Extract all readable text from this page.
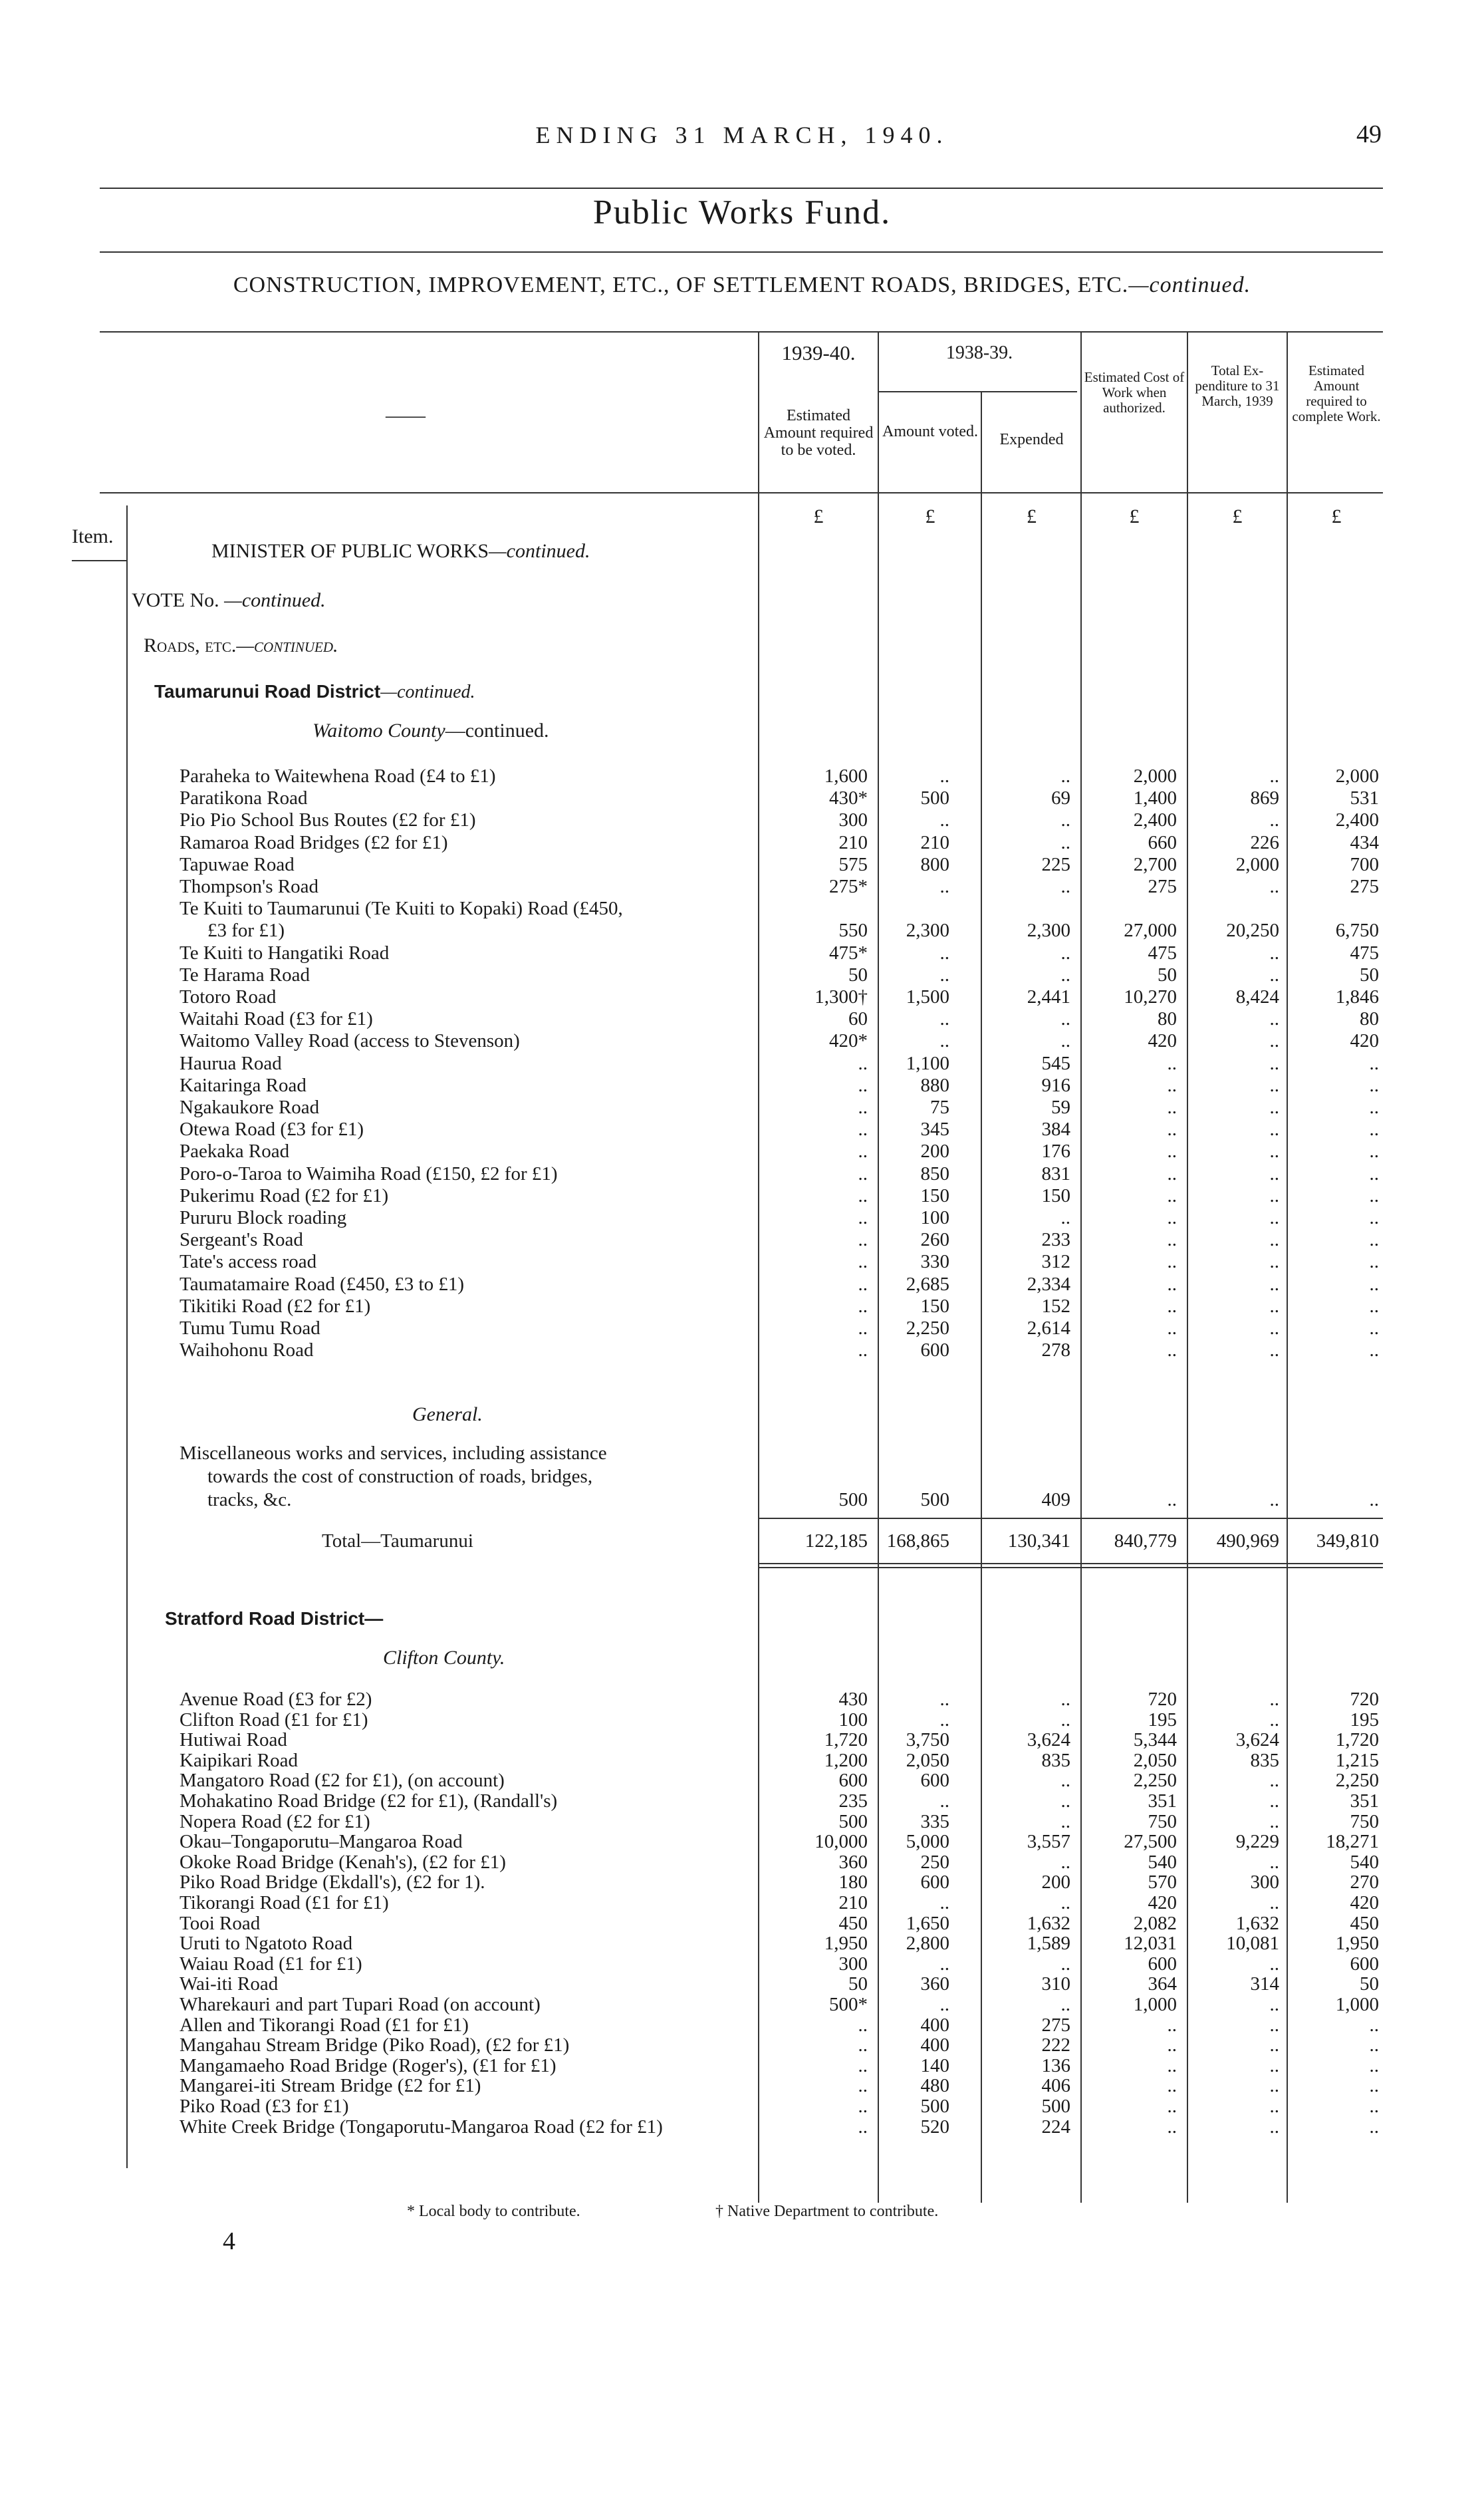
ENDING 31 MARCH, 1940.	49
Public Works Fund.
CONSTRUCTION, IMPROVEMENT, ETC., OF SETTLEMENT ROADS, BRIDGES, ETC.—continued.
——
1939-40.	1938-39.
Estimated Amount required to be voted.
Amount voted.	Expended
Estimated Cost of Work when authorized.
Total Ex-penditure to 31 March, 1939
Estimated Amount required to complete Work.
£	£	£	£	£	£
Item.
MINISTER OF PUBLIC WORKS—continued.
VOTE No. —continued.
Roads, etc.—continued.
Taumarunui Road District—continued.
Waitomo County—continued.
Paraheka to Waitewhena Road (£4 to £1)	1,600	..	..	2,000	..	2,000
Paratikona Road	430*	500	69	1,400	869	531
Pio Pio School Bus Routes (£2 for £1)	300	..	..	2,400	..	2,400
Ramaroa Road Bridges (£2 for £1)	210	210	..	660	226	434
Tapuwae Road	575	800	225	2,700	2,000	700
Thompson's Road	275*	..	..	275	..	275
Te Kuiti to Taumarunui (Te Kuiti to Kopaki) Road (£450,
£3 for £1)	550 2,300	2,300	27,000	20,250	6,750
Te Kuiti to Hangatiki Road	475*	..	..	475	..	475
Te Harama Road	50	..	..	50	..	50
Totoro Road	1,300† 1,500	2,441	10,270	8,424	1,846
Waitahi Road (£3 for £1)	60	..	..	80	..	80
Waitomo Valley Road (access to Stevenson)	420*	..	..	420	..	420
Haurua Road	.. 1,100	545	..	..	..
Kaitaringa Road	..	880	916	..	..	..
Ngakaukore Road	..	75	59	..	..	..
Otewa Road (£3 for £1)	..	345	384	..	..	..
Paekaka Road	..	200	176	..	..	..
Poro-o-Taroa to Waimiha Road (£150, £2 for £1)	..	850	831	..	..	..
Pukerimu Road (£2 for £1)	..	150	150	..	..	..
Pururu Block roading	..	100	..	..	..	..
Sergeant's Road	..	260	233	..	..	..
Tate's access road	..	330	312	..	..	..
Taumatamaire Road (£450, £3 to £1)	.. 2,685	2,334	..	..	..
Tikitiki Road (£2 for £1)	..	150	152	..	..	..
Tumu Tumu Road	.. 2,250	2,614	..	..	..
Waihohonu Road	..	600	278	..	..	..
General.
Miscellaneous works and services, including assistance
towards the cost of construction of roads, bridges,
tracks, &c.	500	500	409	..	..	..
Total—Taumarunui	122,185 168,865	130,341 840,779 490,969 349,810
Stratford Road District—
Clifton County.
Avenue Road (£3 for £2)	430	..	..	720	..	720
Clifton Road (£1 for £1)	100	..	..	195	..	195
Hutiwai Road	1,720 3,750	3,624	5,344	3,624	1,720
Kaipikari Road	1,200 2,050	835	2,050	835	1,215
Mangatoro Road (£2 for £1), (on account)	600	600	..	2,250	..	2,250
Mohakatino Road Bridge (£2 for £1), (Randall's)	235	..	..	351	..	351
Nopera Road (£2 for £1)	500	335	..	750	..	750
Okau–Tongaporutu–Mangaroa Road	10,000 5,000	3,557	27,500	9,229 18,271
Okoke Road Bridge (Kenah's), (£2 for £1)	360	250	..	540	..	540
Piko Road Bridge (Ekdall's), (£2 for 1).	180	600	200	570	300	270
Tikorangi Road (£1 for £1)	210	..	..	420	..	420
Tooi Road	450 1,650	1,632	2,082	1,632	450
Uruti to Ngatoto Road	1,950 2,800	1,589	12,031	10,081	1,950
Waiau Road (£1 for £1)	300	..	..	600	..	600
Wai-iti Road	50	360	310	364	314	50
Wharekauri and part Tupari Road (on account)	500*	..	..	1,000	..	1,000
Allen and Tikorangi Road (£1 for £1)	..	400	275	..	..	..
Mangahau Stream Bridge (Piko Road), (£2 for £1)	..	400	222	..	..	..
Mangamaeho Road Bridge (Roger's), (£1 for £1)	..	140	136	..	..	..
Mangarei-iti Stream Bridge (£2 for £1)	..	480	406	..	..	..
Piko Road (£3 for £1)	..	500	500	..	..	..
White Creek Bridge (Tongaporutu-Mangaroa Road (£2 for £1)	..	520	224	..	..	..
* Local body to contribute.	† Native Department to contribute.
4
